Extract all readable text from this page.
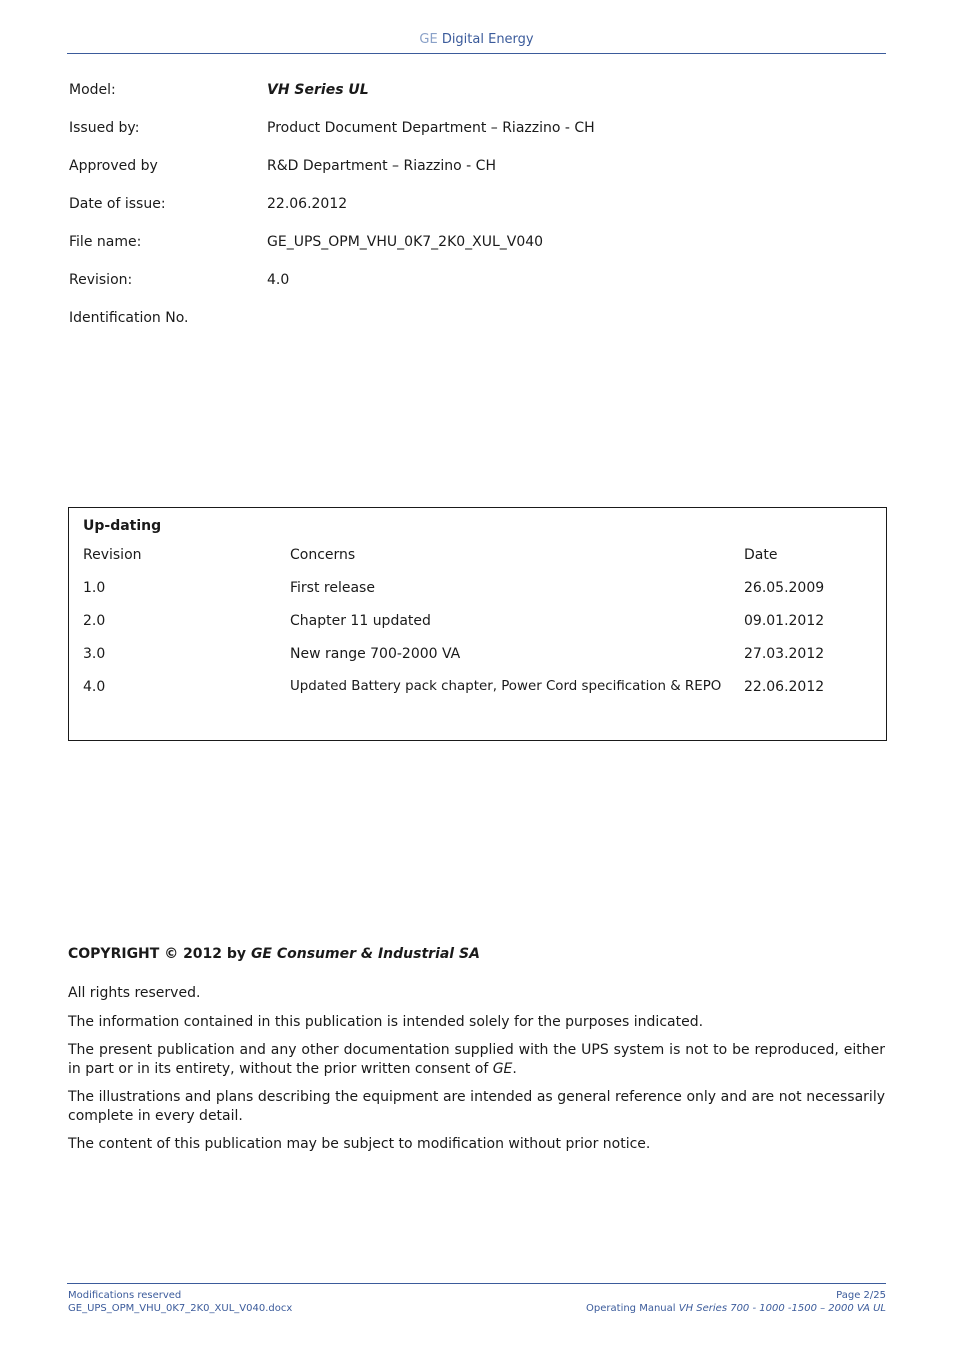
GE Digital Energy
Model:	VH Series UL
Issued by:	Product Document Department – Riazzino - CH
Approved by	R&D Department – Riazzino - CH
Date of issue:	22.06.2012
File name:	GE_UPS_OPM_VHU_0K7_2K0_XUL_V040
Revision:	4.0
Identification No.
Up-dating
Revision	Concerns	Date
1.0	First release	26.05.2009
2.0	Chapter 11 updated	09.01.2012
3.0	New range 700-2000 VA	27.03.2012
4.0	Updated Battery pack chapter, Power Cord specification & REPO 22.06.2012
COPYRIGHT © 2012 by GE Consumer & Industrial SA
All rights reserved.
The information contained in this publication is intended solely for the purposes indicated.
The present publication and any other documentation supplied with the UPS system is not to be reproduced, either in part or in its entirety, without the prior written consent of GE.
The illustrations and plans describing the equipment are intended as general reference only and are not necessarily complete in every detail.
The content of this publication may be subject to modification without prior notice.
Modifications reserved
GE_UPS_OPM_VHU_0K7_2K0_XUL_V040.docx
Page 2/25
Operating Manual VH Series 700 - 1000 -1500 – 2000 VA UL
